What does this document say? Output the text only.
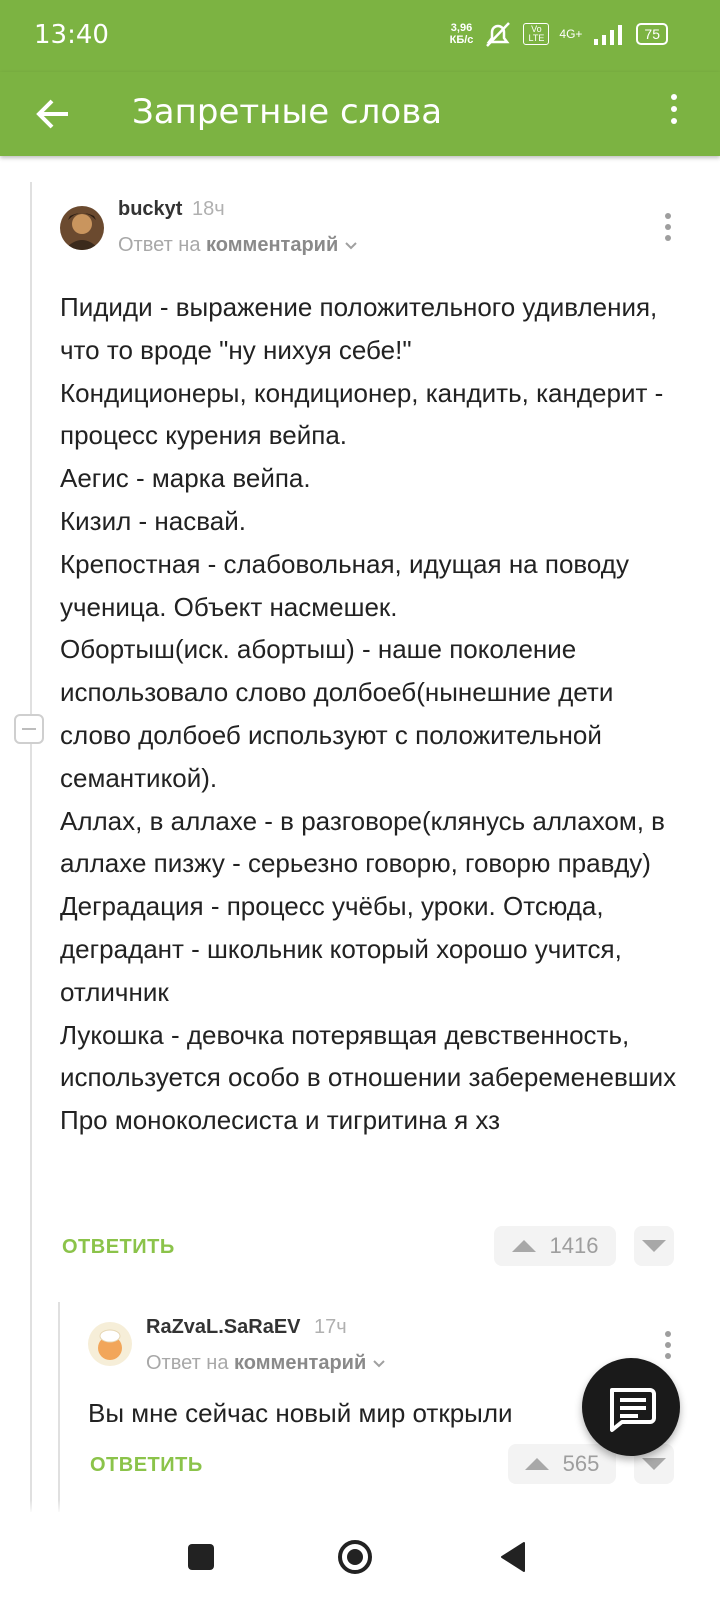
13:40	3,96
КБ/с
Vo LTE	4G+	75
Запретные слова
buckyt 18ч
Ответ на комментарий
Пидиди - выражение положительного удивления, что то вроде "ну нихуя себе!"
Кондиционеры, кондиционер, кандить, кандерит - процесс курения вейпа.
Аегис - марка вейпа.
Кизил - насвай.
Крепостная - слабовольная, идущая на поводу ученица. Объект насмешек.
Обортыш(иск. абортыш) - наше поколение использовало слово долбоеб(нынешние дети слово долбоеб используют с положительной семантикой).
Аллах, в аллахе - в разговоре(клянусь аллахом, в аллахе пизжу - серьезно говорю, говорю правду)
Деградация - процесс учёбы, уроки. Отсюда, деградант - школьник который хорошо учится, отличник
Лукошка - девочка потерявщая девственность, используется особо в отношении забеременевших
Про моноколесиста и тигритина я хз
ОТВЕТИТЬ	1416
RaZvaL.SaRaEV 17ч
Ответ на комментарий
Вы мне сейчас новый мир открыли
ОТВЕТИТЬ	565
